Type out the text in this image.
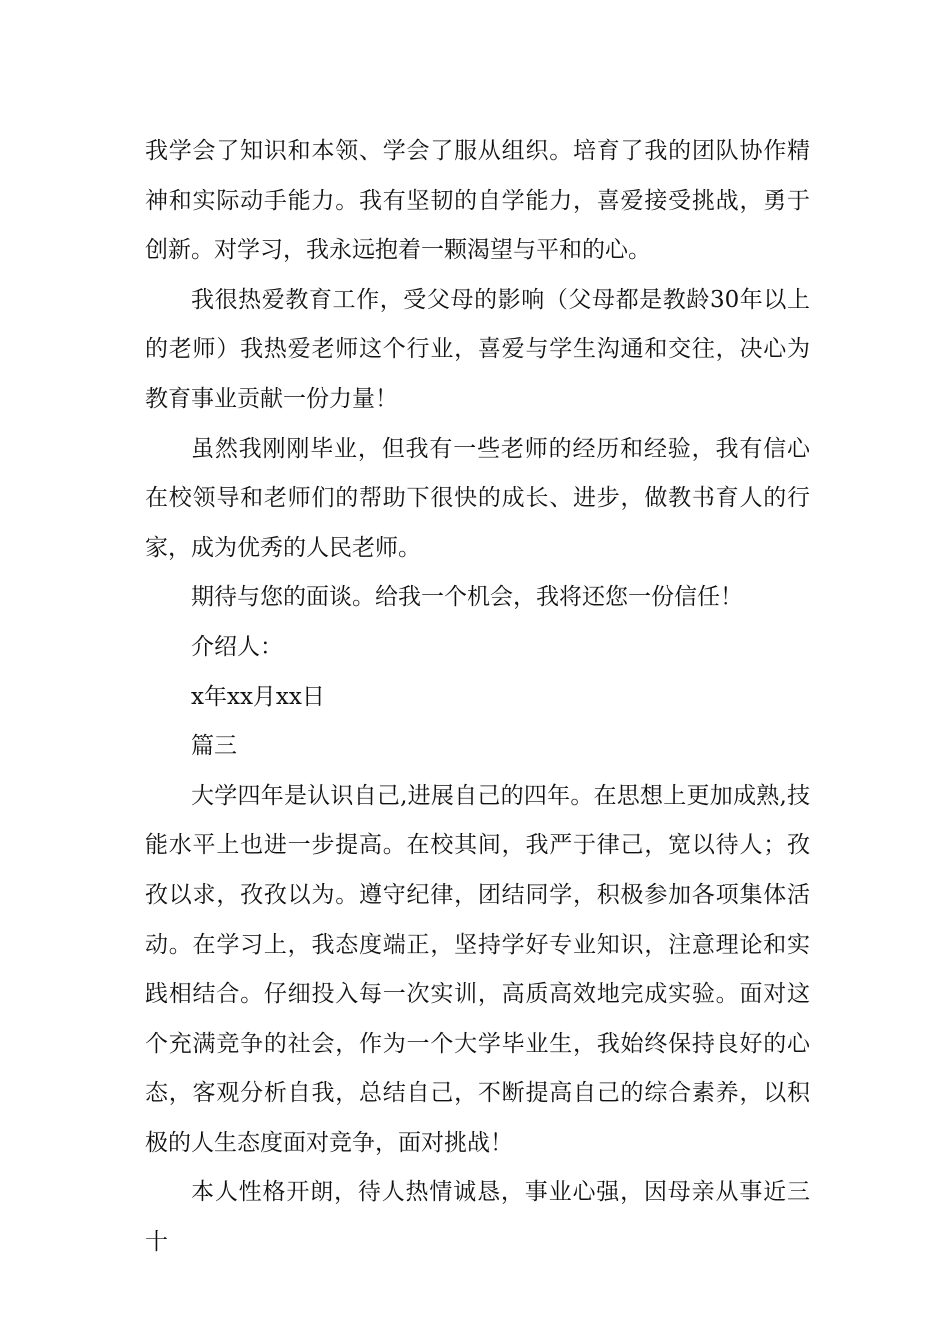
我学会了知识和本领、学会了服从组织。培育了我的团队协作精神和实际动手能力。我有坚韧的自学能力，喜爱接受挑战，勇于创新。对学习，我永远抱着一颗渴望与平和的心。

我很热爱教育工作，受父母的影响（父母都是教龄30年以上的老师）我热爱老师这个行业，喜爱与学生沟通和交往，决心为教育事业贡献一份力量！

虽然我刚刚毕业，但我有一些老师的经历和经验，我有信心在校领导和老师们的帮助下很快的成长、进步，做教书育人的行家，成为优秀的人民老师。

期待与您的面谈。给我一个机会，我将还您一份信任！

介绍人：

x年xx月xx日

篇三

大学四年是认识自己,进展自己的四年。在思想上更加成熟,技能水平上也进一步提高。在校其间，我严于律己，宽以待人；孜孜以求，孜孜以为。遵守纪律，团结同学，积极参加各项集体活动。在学习上，我态度端正，坚持学好专业知识，注意理论和实践相结合。仔细投入每一次实训，高质高效地完成实验。面对这个充满竞争的社会，作为一个大学毕业生，我始终保持良好的心态，客观分析自我，总结自己，不断提高自己的综合素养，以积极的人生态度面对竞争，面对挑战！

本人性格开朗，待人热情诚恳，事业心强，因母亲从事近三十
